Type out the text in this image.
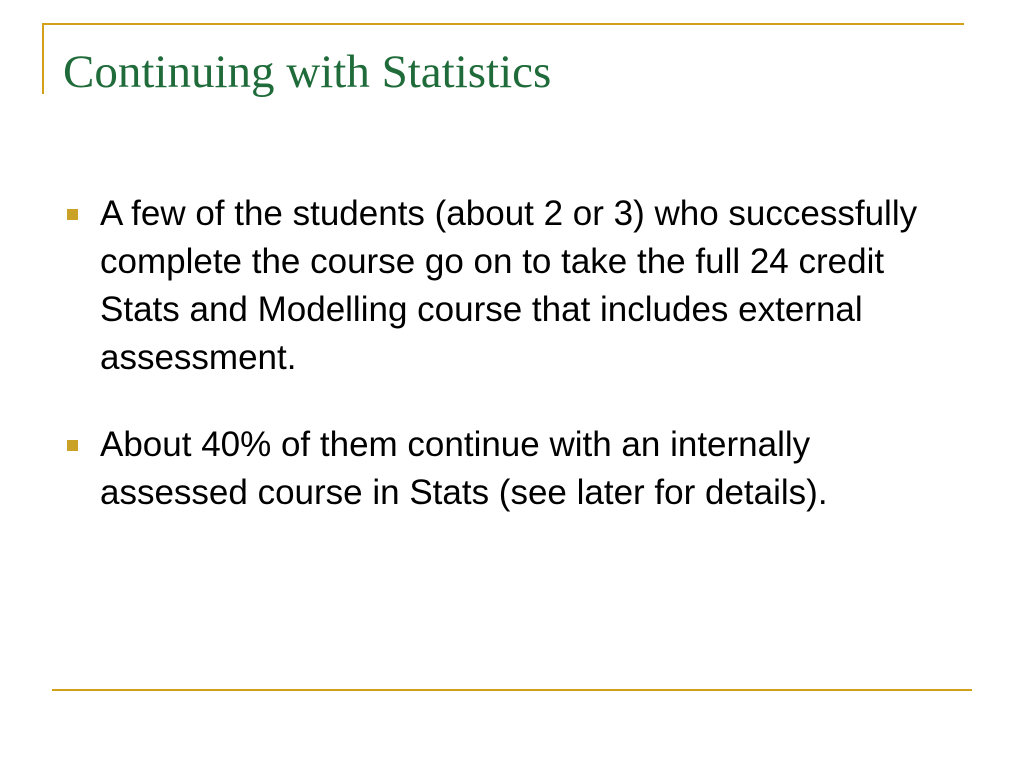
Continuing with Statistics
A few of the students (about 2 or 3) who successfully complete the course go on to take the full 24 credit Stats and Modelling course that includes external assessment.
About 40% of them continue with an internally assessed course in Stats (see later for details).
